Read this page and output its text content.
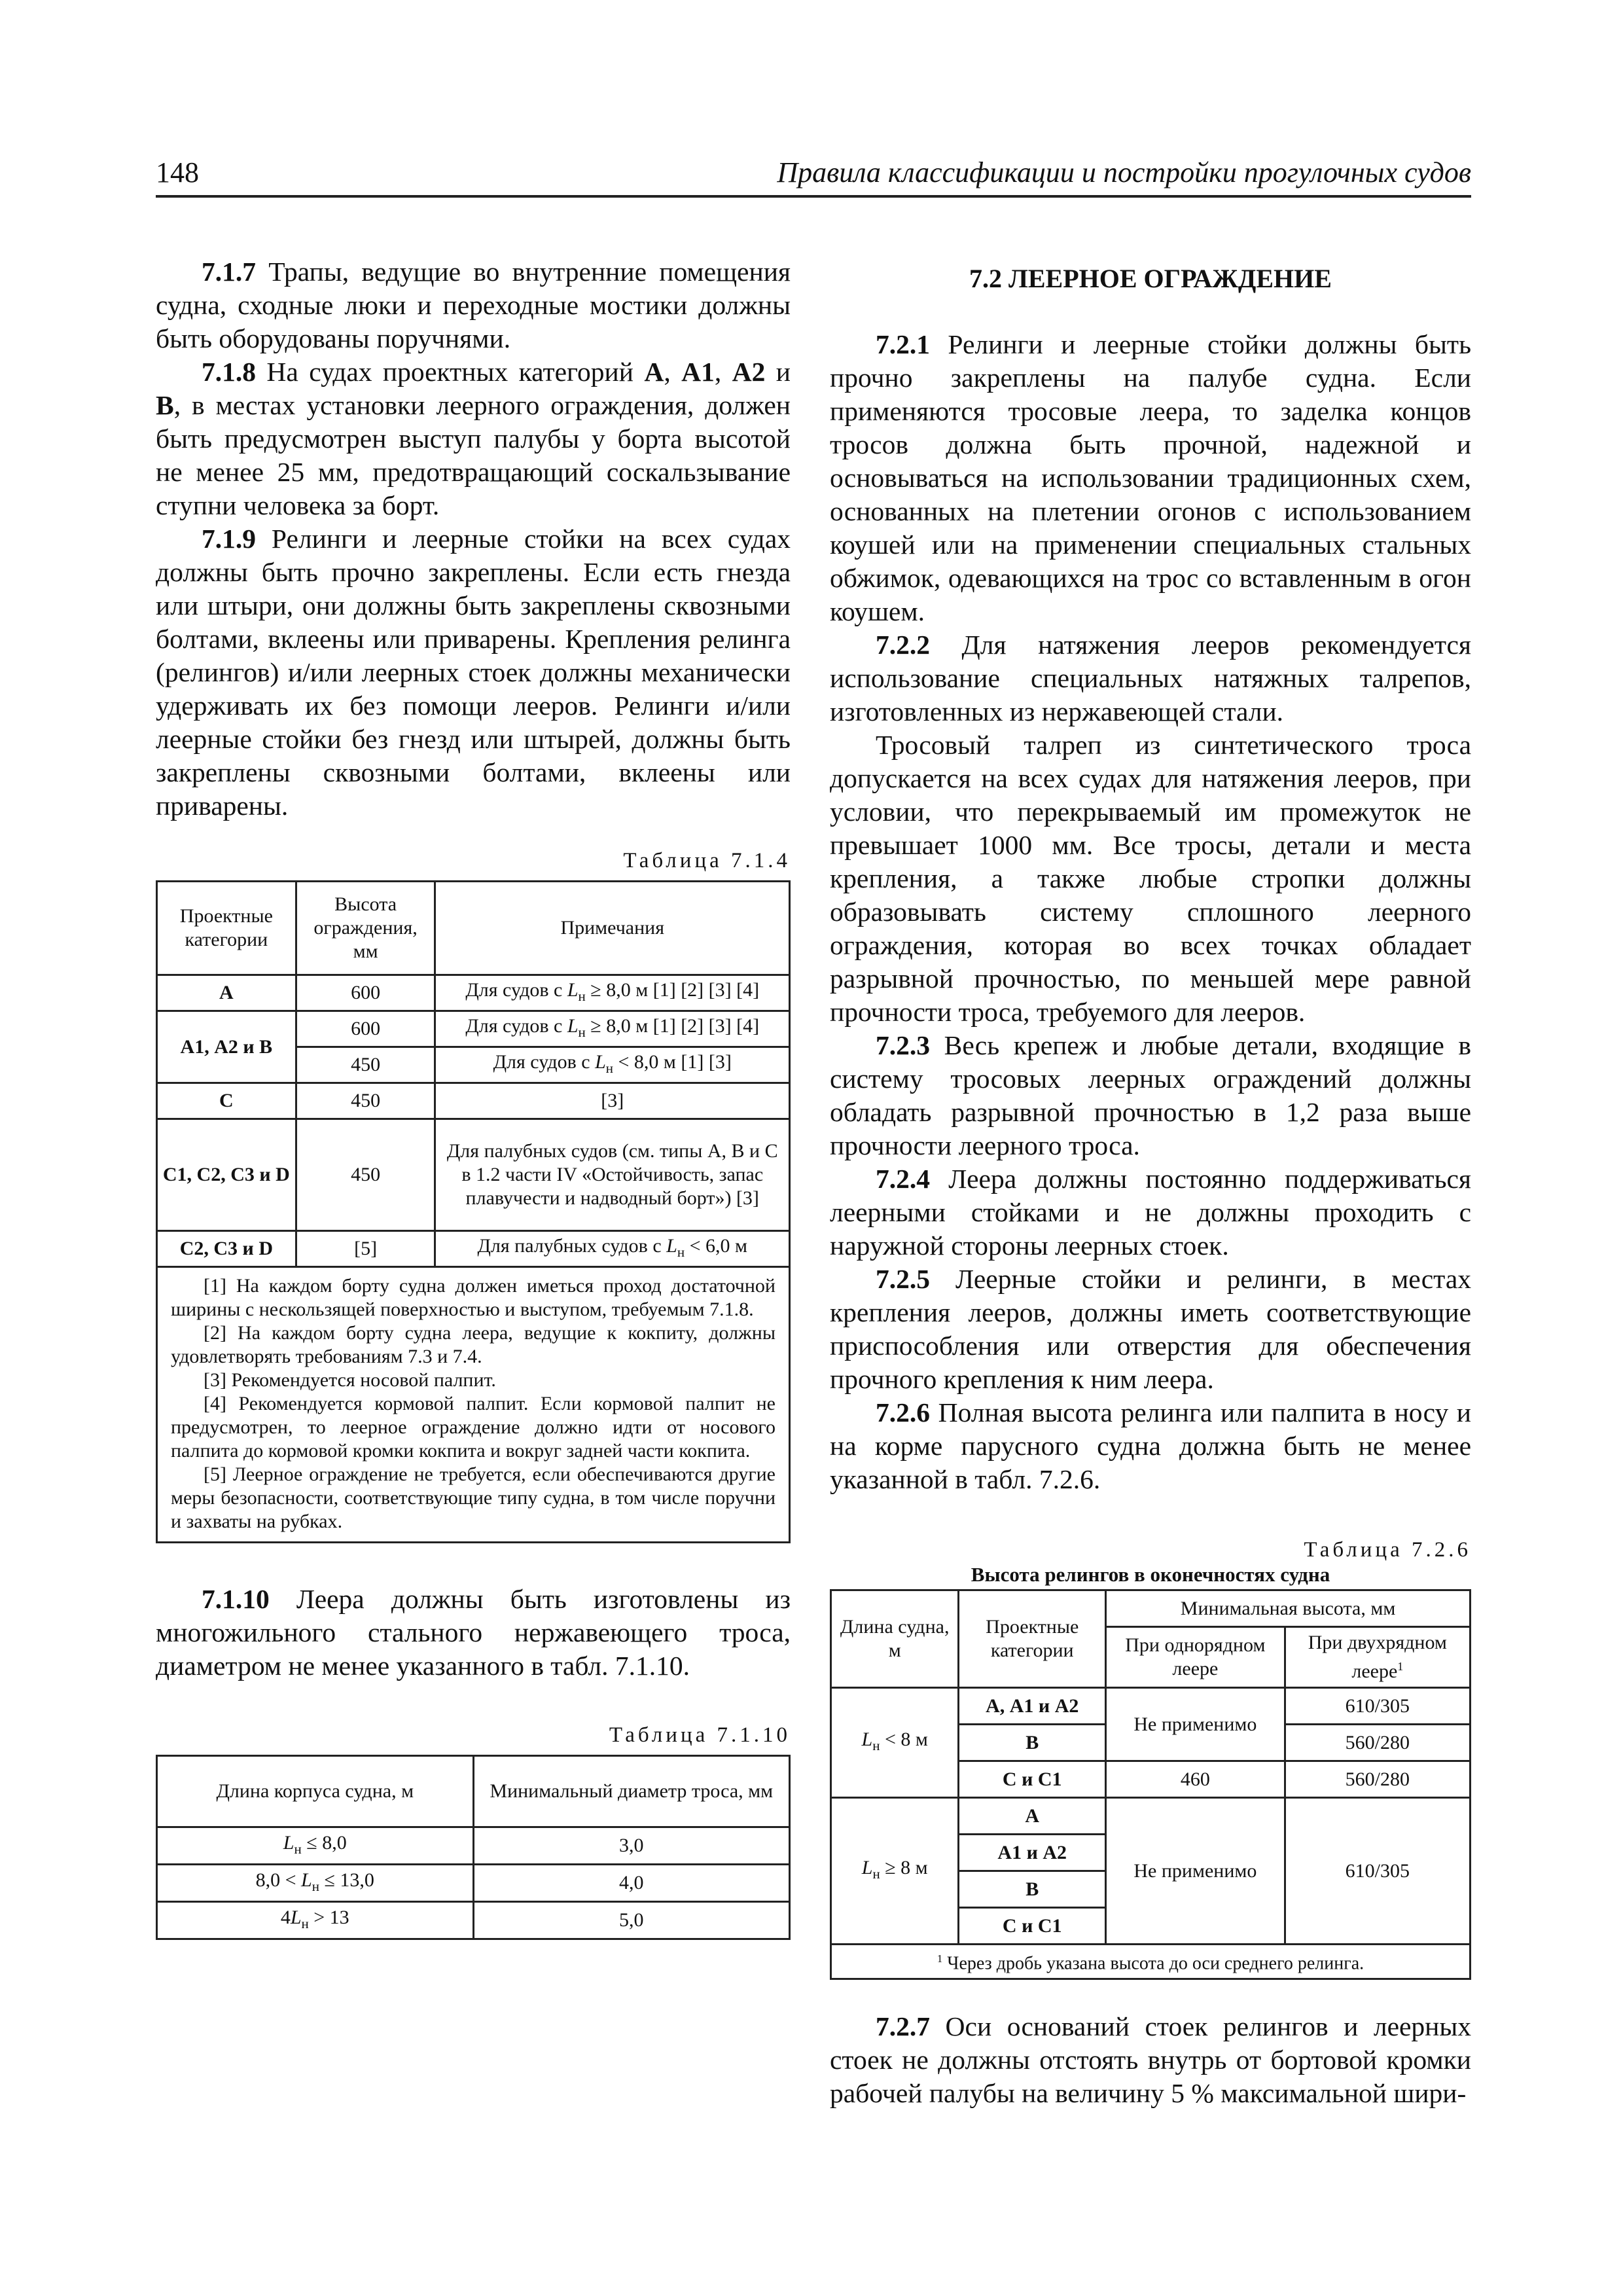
148	Правила классификации и постройки прогулочных судов

7.1.7 Трапы, ведущие во внутренние помещения судна, сходные люки и переходные мостики должны быть оборудованы поручнями.

7.1.8 На судах проектных категорий А, А1, А2 и В, в местах установки леерного ограждения, должен быть предусмотрен выступ палубы у борта высотой не менее 25 мм, предотвращающий соскальзывание ступни человека за борт.

7.1.9 Релинги и леерные стойки на всех судах должны быть прочно закреплены. Если есть гнезда или штыри, они должны быть закреплены сквозными болтами, вклеены или приварены. Крепления релинга (релингов) и/или леерных стоек должны механически удерживать их без помощи лееров. Релинги и/или леерные стойки без гнезд или штырей, должны быть закреплены сквозными болтами, вклеены или приварены.

Таблица 7.1.4

Проектные категории	Высота ограждения, мм	Примечания
А	600	Для судов с $L_н \ge 8,0$ м [1] [2] [3] [4]
А1, А2 и В	600	Для судов с $L_н \ge 8,0$ м [1] [2] [3] [4]
	450	Для судов с $L_н < 8,0$ м [1] [3]
С	450	[3]
С1, С2, С3 и D	450	Для палубных судов (см. типы А, В и С в 1.2 части IV «Остойчивость, запас плавучести и надводный борт») [3]
С2, С3 и D	[5]	Для палубных судов с $L_н < 6,0$ м

[1] На каждом борту судна должен иметься проход достаточной ширины с нескользящей поверхностью и выступом, требуемым 7.1.8.
[2] На каждом борту судна леера, ведущие к кокпиту, должны удовлетворять требованиям 7.3 и 7.4.
[3] Рекомендуется носовой палпит.
[4] Рекомендуется кормовой палпит. Если кормовой палпит не предусмотрен, то леерное ограждение должно идти от носового палпита до кормовой кромки кокпита и вокруг задней части кокпита.
[5] Леерное ограждение не требуется, если обеспечиваются другие меры безопасности, соответствующие типу судна, в том числе поручни и захваты на рубках.		

7.1.10 Леера должны быть изготовлены из многожильного стального нержавеющего троса, диаметром не менее указанного в табл. 7.1.10.

Таблица 7.1.10

Длина корпуса судна, м	Минимальный диаметр троса, мм
$L_н \le 8,0$	3,0
$8,0 < L_н \le 13,0$	4,0
$4L_н > 13$	5,0

7.2 ЛЕЕРНОЕ ОГРАЖДЕНИЕ

7.2.1 Релинги и леерные стойки должны быть прочно закреплены на палубе судна. Если применяются тросовые леера, то заделка концов тросов должна быть прочной, надежной и основываться на использовании традиционных схем, основанных на плетении огонов с использованием коушей или на применении специальных стальных обжимок, одевающихся на трос со вставленным в огон коушем.

7.2.2 Для натяжения лееров рекомендуется использование специальных натяжных талрепов, изготовленных из нержавеющей стали.

Тросовый талреп из синтетического троса допускается на всех судах для натяжения лееров, при условии, что перекрываемый им промежуток не превышает 1000 мм. Все тросы, детали и места крепления, а также любые стропки должны образовывать систему сплошного леерного ограждения, которая во всех точках обладает разрывной прочностью, по меньшей мере равной прочности троса, требуемого для лееров.

7.2.3 Весь крепеж и любые детали, входящие в систему тросовых леерных ограждений должны обладать разрывной прочностью в 1,2 раза выше прочности леерного троса.

7.2.4 Леера должны постоянно поддерживаться леерными стойками и не должны проходить с наружной стороны леерных стоек.

7.2.5 Леерные стойки и релинги, в местах крепления лееров, должны иметь соответствующие приспособления или отверстия для обеспечения прочного крепления к ним леера.

7.2.6 Полная высота релинга или палпита в носу и на корме парусного судна должна быть не менее указанной в табл. 7.2.6.

Таблица 7.2.6

Высота релингов в оконечностях судна

Длина судна, м	Проектные категории	Минимальная высота, мм	
		При однорядном леере	При двухрядном леере$^1$
$L_н < 8$ м	А, А1 и А2	Не применимо	610/305
	В		560/280
	С и С1	460	560/280
$L_н \ge 8$ м	А	Не применимо	610/305
	А1 и А2		
	В		
	С и С1		
$^1$ Через дробь указана высота до оси среднего релинга.			

7.2.7 Оси оснований стоек релингов и леерных стоек не должны отстоять внутрь от бортовой кромки рабочей палубы на величину 5 % максимальной шири-
